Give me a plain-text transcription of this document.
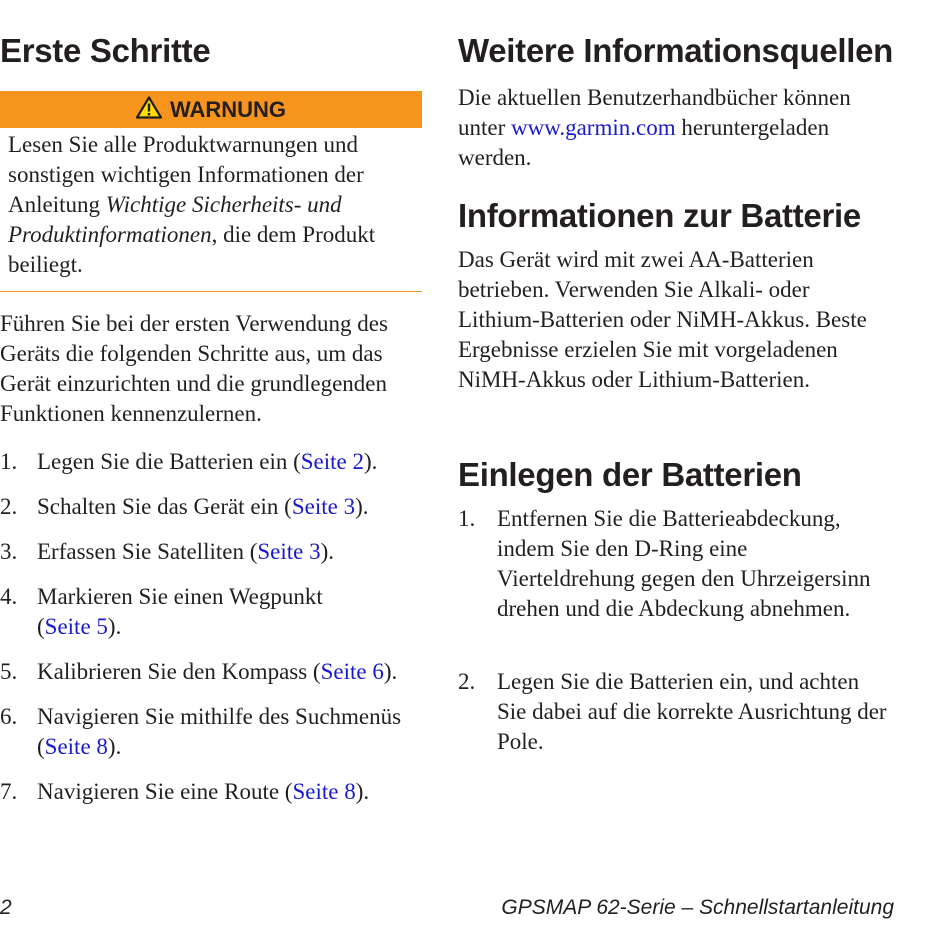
Erste Schritte
WARNUNG

Lesen Sie alle Produktwarnungen und sonstigen wichtigen Informationen der Anleitung Wichtige Sicherheits- und Produktinformationen, die dem Produkt beiliegt.

Führen Sie bei der ersten Verwendung des Geräts die folgenden Schritte aus, um das Gerät einzurichten und die grundlegenden Funktionen kennenzulernen.

1. Legen Sie die Batterien ein (Seite 2).
2. Schalten Sie das Gerät ein (Seite 3).
3. Erfassen Sie Satelliten (Seite 3).
4. Markieren Sie einen Wegpunkt (Seite 5).
5. Kalibrieren Sie den Kompass (Seite 6).
6. Navigieren Sie mithilfe des Suchmenüs (Seite 8).
7. Navigieren Sie eine Route (Seite 8).
Weitere Informationsquellen

Die aktuellen Benutzerhandbücher können unter www.garmin.com heruntergeladen werden.

Informationen zur Batterie

Das Gerät wird mit zwei AA-Batterien betrieben. Verwenden Sie Alkali- oder Lithium-Batterien oder NiMH-Akkus. Beste Ergebnisse erzielen Sie mit vorgeladenen NiMH-Akkus oder Lithium-Batterien.

Einlegen der Batterien
1. Entfernen Sie die Batterieabdeckung, indem Sie den D-Ring eine Vierteldrehung gegen den Uhrzeigersinn drehen und die Abdeckung abnehmen.
2. Legen Sie die Batterien ein, und achten Sie dabei auf die korrekte Ausrichtung der Pole.
2	GPSMAP 62-Serie – Schnellstartanleitung
